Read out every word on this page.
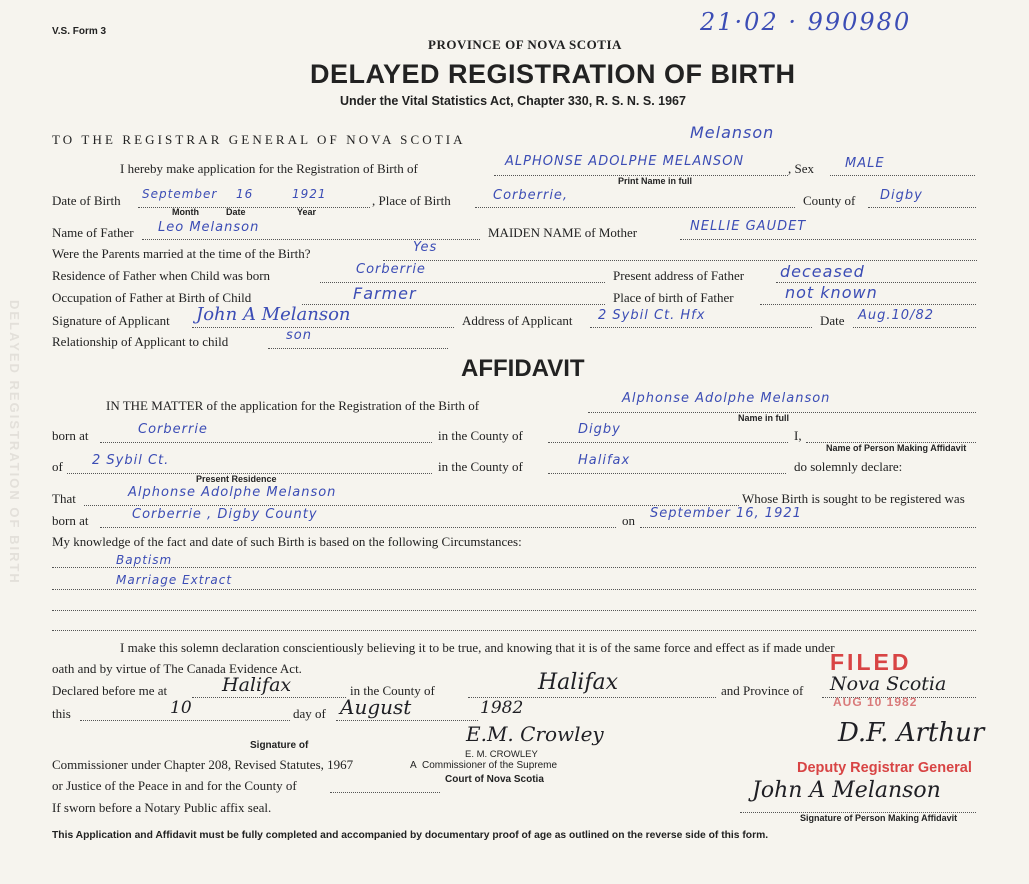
DELAYED REGISTRATION OF BIRTH
V.S. Form 3	21·02 · 990980
PROVINCE OF NOVA SCOTIA
DELAYED REGISTRATION OF BIRTH
Under the Vital Statistics Act, Chapter 330, R. S. N. S. 1967
TO THE REGISTRAR GENERAL OF NOVA SCOTIA	Melanson
I hereby make application for the Registration of Birth of	ALPHONSE ADOLPHE MELANSON
Print Name in full
, Sex MALE
Date of Birth September 16	1921
Month	Date	Year
, Place of Birth	Corberrie,	County of Digby
Name of Father Leo Melanson	MAIDEN NAME of Mother	NELLIE GAUDET
Were the Parents married at the time of the Birth?	Yes
Residence of Father when Child was born	Corberrie	Present address of Father deceased
Occupation of Father at Birth of Child	Farmer	Place of birth of Father	not known
Signature of Applicant John A Melanson	Address of Applicant 2 Sybil Ct. Hfx	Date Aug.10/82
Relationship of Applicant to child	son
AFFIDAVIT
IN THE MATTER of the application for the Registration of the Birth of	Alphonse Adolphe Melanson
Name in full
born at	Corberrie	in the County of	Digby	I,
Name of Person Making Affidavit
of 2 Sybil Ct.
Present Residence
in the County of	Halifax	do solemnly declare:
That	Alphonse Adolphe Melanson	Whose Birth is sought to be registered was
born at	Corberrie , Digby County	on September 16, 1921
My knowledge of the fact and date of such Birth is based on the following Circumstances:
Baptism
Marriage Extract
I make this solemn declaration conscientiously believing it to be true, and knowing that it is of the same force and effect as if made under
oath and by virtue of The Canada Evidence Act.
Declared before me at	Halifax	in the County of	Halifax	and Province of Nova Scotia
this	10	day of August	1982
E.M. Crowley
Signature of
E. M. CROWLEY
Commissioner under Chapter 208, Revised Statutes, 1967	A Commissioner of the Supreme
or Justice of the Peace in and for the County of	Court of Nova Scotia
If sworn before a Notary Public affix seal.
John A Melanson
Signature of Person Making Affidavit
FILED
AUG 10 1982
D.F. Arthur
Deputy Registrar General
This Application and Affidavit must be fully completed and accompanied by documentary proof of age as outlined on the reverse side of this form.
